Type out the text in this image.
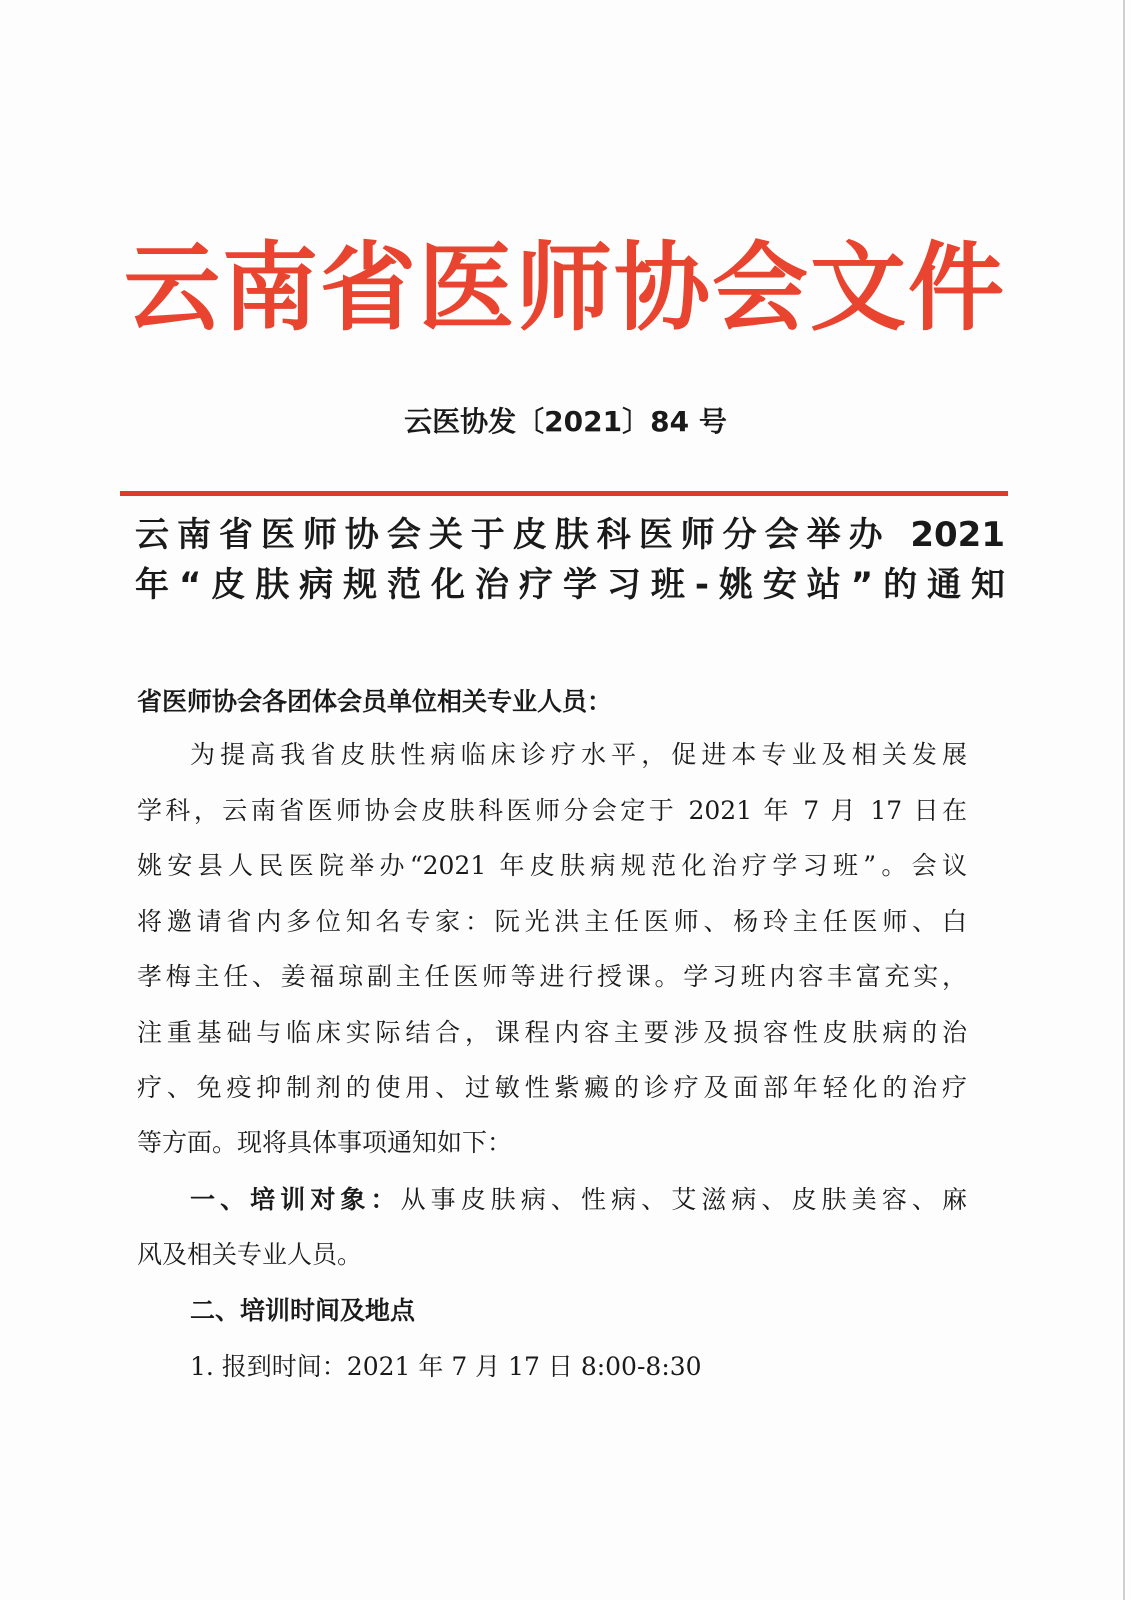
云南省医师协会文件
云医协发〔2021〕84 号
云南省医师协会关于皮肤科医师分会举办 2021
年“皮肤病规范化治疗学习班-姚安站”的通知
省医师协会各团体会员单位相关专业人员：
为提高我省皮肤性病临床诊疗水平，促进本专业及相关发展
学科，云南省医师协会皮肤科医师分会定于 2021 年 7 月 17 日在
姚安县人民医院举办“2021 年皮肤病规范化治疗学习班”。会议
将邀请省内多位知名专家：阮光洪主任医师、杨玲主任医师、白
孝梅主任、姜福琼副主任医师等进行授课。学习班内容丰富充实，
注重基础与临床实际结合，课程内容主要涉及损容性皮肤病的治
疗、免疫抑制剂的使用、过敏性紫癜的诊疗及面部年轻化的治疗
等方面。现将具体事项通知如下：
一、培训对象：从事皮肤病、性病、艾滋病、皮肤美容、麻
风及相关专业人员。
二、培训时间及地点
1. 报到时间：2021 年 7 月 17 日 8:00-8:30
